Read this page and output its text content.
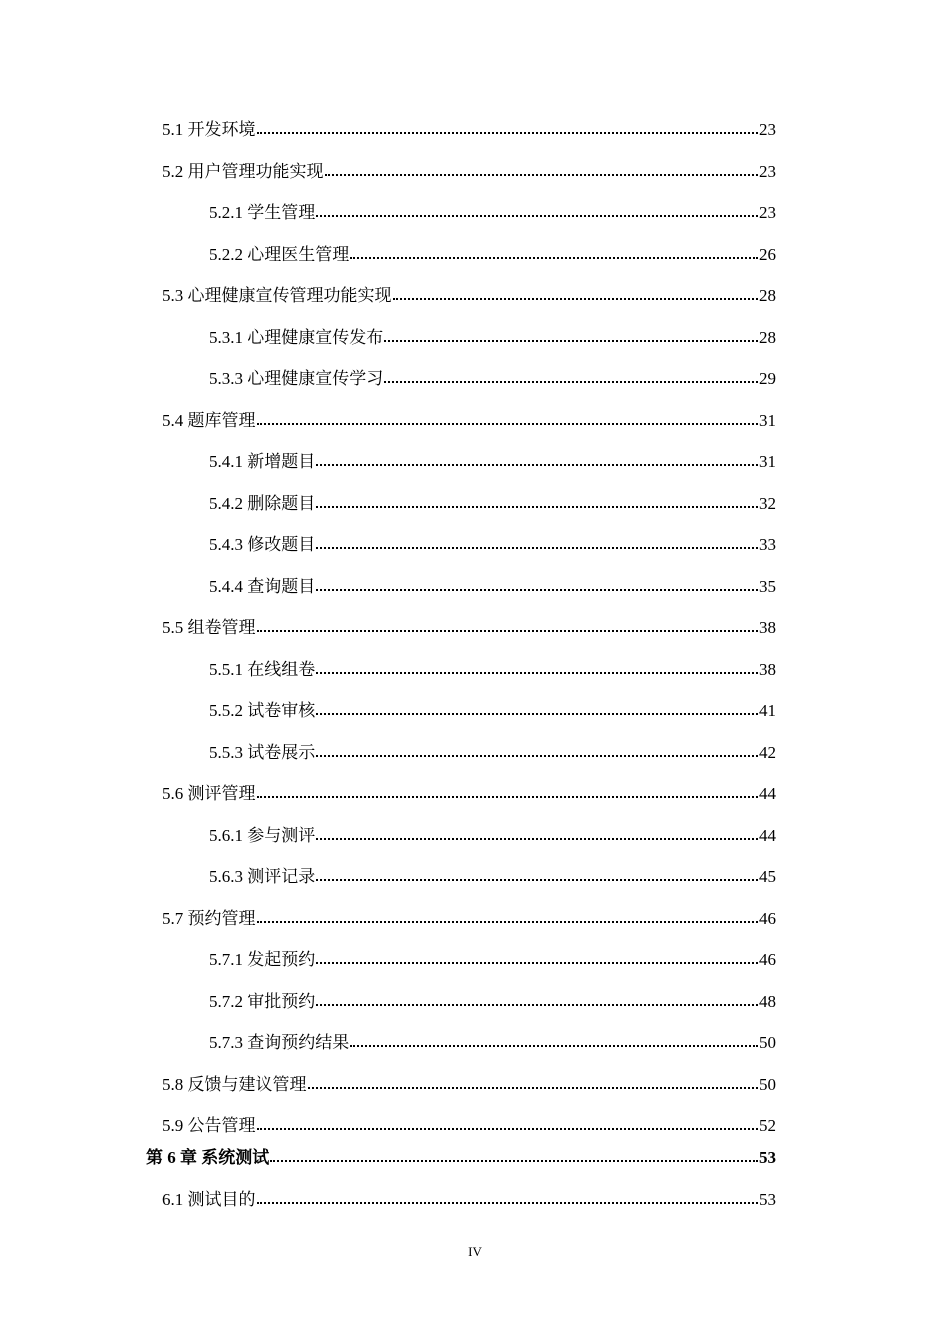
5.1 开发环境	23
5.2 用户管理功能实现	23
5.2.1 学生管理	23
5.2.2 心理医生管理	26
5.3 心理健康宣传管理功能实现	28
5.3.1 心理健康宣传发布	28
5.3.3 心理健康宣传学习	29
5.4 题库管理	31
5.4.1 新增题目	31
5.4.2 删除题目	32
5.4.3 修改题目	33
5.4.4 查询题目	35
5.5 组卷管理	38
5.5.1 在线组卷	38
5.5.2 试卷审核	41
5.5.3 试卷展示	42
5.6 测评管理	44
5.6.1 参与测评	44
5.6.3 测评记录	45
5.7 预约管理	46
5.7.1 发起预约	46
5.7.2 审批预约	48
5.7.3 查询预约结果	50
5.8 反馈与建议管理	50
5.9 公告管理	52
第 6 章 系统测试	53
6.1 测试目的	53
IV
